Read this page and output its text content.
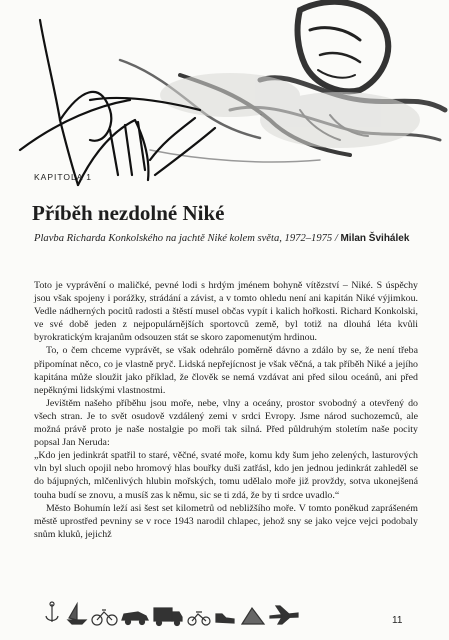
KAPITOLA 1
Příběh nezdolné Niké
Plavba Richarda Konkolského na jachtě Niké kolem světa, 1972–1975 / Milan Švihálek

Toto je vyprávění o maličké, pevné lodi s hrdým jménem bohyně vítězství – Niké. S úspěchy jsou však spojeny i porážky, strádání a závist, a v tomto ohledu není ani kapitán Niké výjimkou. Vedle nádherných pocitů radosti a štěstí musel občas vypít i kalich hořkosti. Richard Konkolski, ve své době jeden z nejpopulárnějších sportovců země, byl totiž na dlouhá léta kvůli byrokratickým krajanům odsouzen stát se skoro zapomenutým hrdinou.

To, o čem chceme vyprávět, se však odehrálo poměrně dávno a zdálo by se, že není třeba připomínat něco, co je vlastně pryč. Lidská nepřejícnost je však věčná, a tak příběh Niké a jejího kapitána může sloužit jako příklad, že člověk se nemá vzdávat ani před silou oceánů, ani před nepěknými lidskými vlastnostmi.

Jevištěm našeho příběhu jsou moře, nebe, vlny a oceány, prostor svobodný a otevřený do všech stran. Je to svět osudově vzdálený zemi v srdci Evropy. Jsme národ suchozemců, ale možná právě proto je naše nostalgie po moři tak silná. Před půldruhým stoletím naše pocity popsal Jan Neruda:

„Kdo jen jedinkrát spatřil to staré, věčné, svaté moře, komu kdy šum jeho zelených, lasturových vln byl sluch opojil nebo hromový hlas bouřky duši zatřásl, kdo jen jednou jedinkrát zahleděl se do bájupných, mlčenlivých hlubin mořských, tomu udělalo moře již provždy, sotva ukonejšená touha budí se znovu, a musíš zas k němu, sic se ti zdá, že by ti srdce uvadlo.“

Město Bohumín leží asi šest set kilometrů od nebližšího moře. V tomto poněkud zaprášeném městě uprostřed pevniny se v roce 1943 narodil chlapec, jehož sny se jako vejce vejci podobaly snům kluků, jejichž

11
